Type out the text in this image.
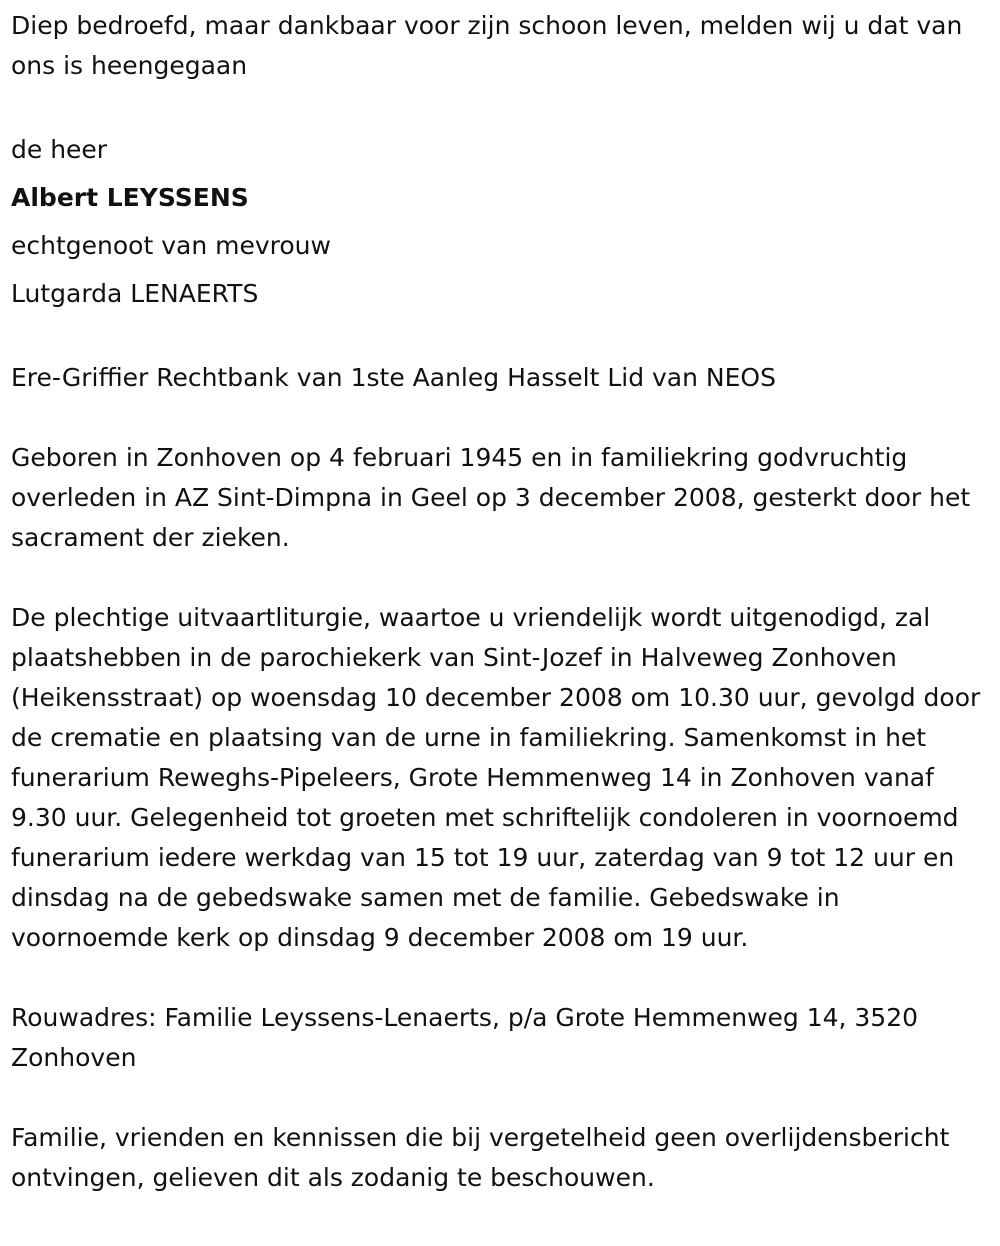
Diep bedroefd, maar dankbaar voor zijn schoon leven, melden wij u dat van ons is heengegaan

de heer
Albert LEYSSENS
echtgenoot van mevrouw
Lutgarda LENAERTS

Ere-Griffier Rechtbank van 1ste Aanleg Hasselt Lid van NEOS

Geboren in Zonhoven op 4 februari 1945 en in familiekring godvruchtig overleden in AZ Sint-Dimpna in Geel op 3 december 2008, gesterkt door het sacrament der zieken.

De plechtige uitvaartliturgie, waartoe u vriendelijk wordt uitgenodigd, zal plaatshebben in de parochiekerk van Sint-Jozef in Halveweg Zonhoven (Heikensstraat) op woensdag 10 december 2008 om 10.30 uur, gevolgd door de crematie en plaatsing van de urne in familiekring. Samenkomst in het funerarium Reweghs-Pipeleers, Grote Hemmenweg 14 in Zonhoven vanaf 9.30 uur. Gelegenheid tot groeten met schriftelijk condoleren in voornoemd funerarium iedere werkdag van 15 tot 19 uur, zaterdag van 9 tot 12 uur en dinsdag na de gebedswake samen met de familie. Gebedswake in voornoemde kerk op dinsdag 9 december 2008 om 19 uur.

Rouwadres: Familie Leyssens-Lenaerts, p/a Grote Hemmenweg 14, 3520 Zonhoven

Familie, vrienden en kennissen die bij vergetelheid geen overlijdensbericht ontvingen, gelieven dit als zodanig te beschouwen.
